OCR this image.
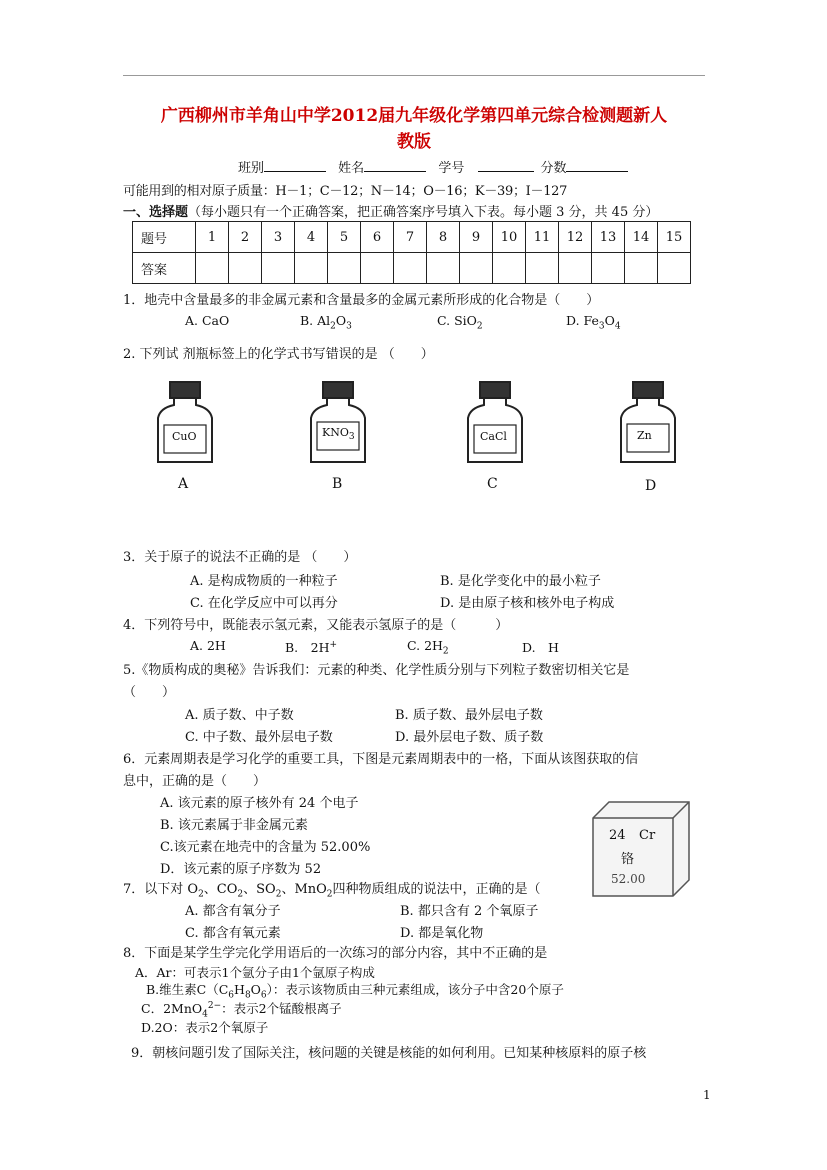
广西柳州市羊角山中学2012届九年级化学第四单元综合检测题新人
教版
班别	姓名	学号	分数
可能用到的相对原子质量：H－1；C－12；N－14；O－16；K－39；I－127
一、选择题（每小题只有一个正确答案，把正确答案序号填入下表。每小题 3 分，共 45 分）
题号	1	2	3	4	5	6	7	8	9	10	11	12	13	14	15
答案															
1．地壳中含量最多的非金属元素和含量最多的金属元素所形成的化合物是（　　）
A. CaO	B. $Al_2O_3$	C. SiO$_2$	D. $Fe_3O_4$
2. 下列试 剂瓶标签上的化学式书写错误的是 （　　）
CuO	$KNO_3$	CaCl	Zn
A	B	C	D
3．关于原子的说法不正确的是 （　　）
A. 是构成物质的一种粒子	B. 是化学变化中的最小粒子
C. 在化学反应中可以再分	D. 是由原子核和核外电子构成
4．下列符号中，既能表示氢元素，又能表示氢原子的是（　　　）
A. 2H	B.　2H+	C. $2H_2$	D.　H
5.《物质构成的奥秘》告诉我们：元素的种类、化学性质分别与下列粒子数密切相关它是
（　　）
A. 质子数、中子数	B. 质子数、最外层电子数
C. 中子数、最外层电子数	D. 最外层电子数、质子数
6．元素周期表是学习化学的重要工具，下图是元素周期表中的一格，下面从该图获取的信
息中，正确的是（　　）
A. 该元素的原子核外有 24 个电子
B. 该元素属于非金属元素
C.该元素在地壳中的含量为 52.00%
D．该元素的原子序数为 52
24 Cr
铬
52.00
7．以下对 $O_2$、$CO_2$、$SO_2$、MnO$_2$四种物质组成的说法中，正确的是（
A. 都含有氧分子	B. 都只含有 2 个氧原子
C. 都含有氧元素	D. 都是氧化物
8．下面是某学生学完化学用语后的一次练习的部分内容，其中不正确的是
A．Ar：可表示1个氩分子由1个氩原子构成
B.维生素$C(C_6H_8O_6)$：表示该物质由三种元素组成，该分子中含20个原子
C．2MnO$_4^{2-}$：表示2个锰酸根离子
D.2O：表示2个氧原子
9．朝核问题引发了国际关注，核问题的关键是核能的如何利用。已知某种核原料的原子核
1
